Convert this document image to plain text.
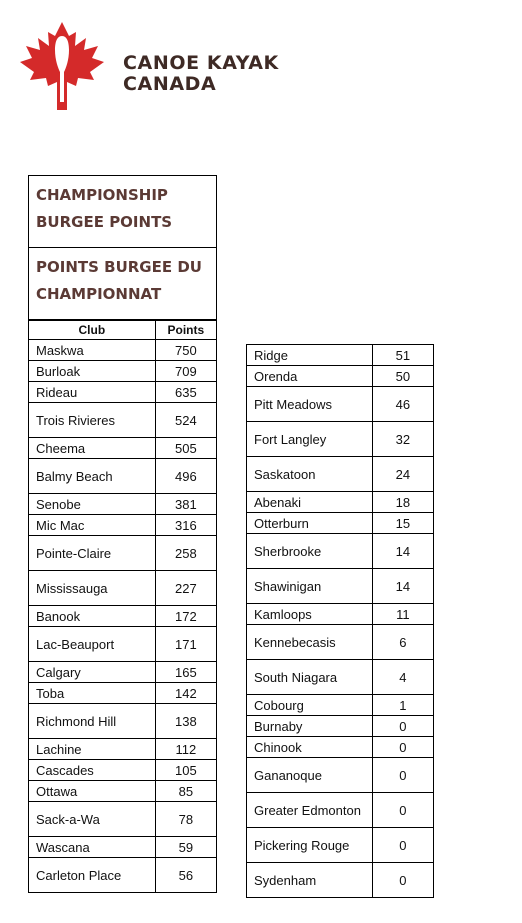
CANOE KAYAK
CANADA
CHAMPIONSHIP BURGEE POINTS
POINTS BURGEE DU CHAMPIONNAT
Club	Points
Maskwa	750
Burloak	709
Rideau	635
Trois Rivieres	524
Cheema	505
Balmy Beach	496
Senobe	381
Mic Mac	316
Pointe-Claire	258
Mississauga	227
Banook	172
Lac-Beauport	171
Calgary	165
Toba	142
Richmond Hill	138
Lachine	112
Cascades	105
Ottawa	85
Sack-a-Wa	78
Wascana	59
Carleton Place	56
Ridge	51
Orenda	50
Pitt Meadows	46
Fort Langley	32
Saskatoon	24
Abenaki	18
Otterburn	15
Sherbrooke	14
Shawinigan	14
Kamloops	11
Kennebecasis	6
South Niagara	4
Cobourg	1
Burnaby	0
Chinook	0
Gananoque	0
Greater Edmonton	0
Pickering Rouge	0
Sydenham	0
